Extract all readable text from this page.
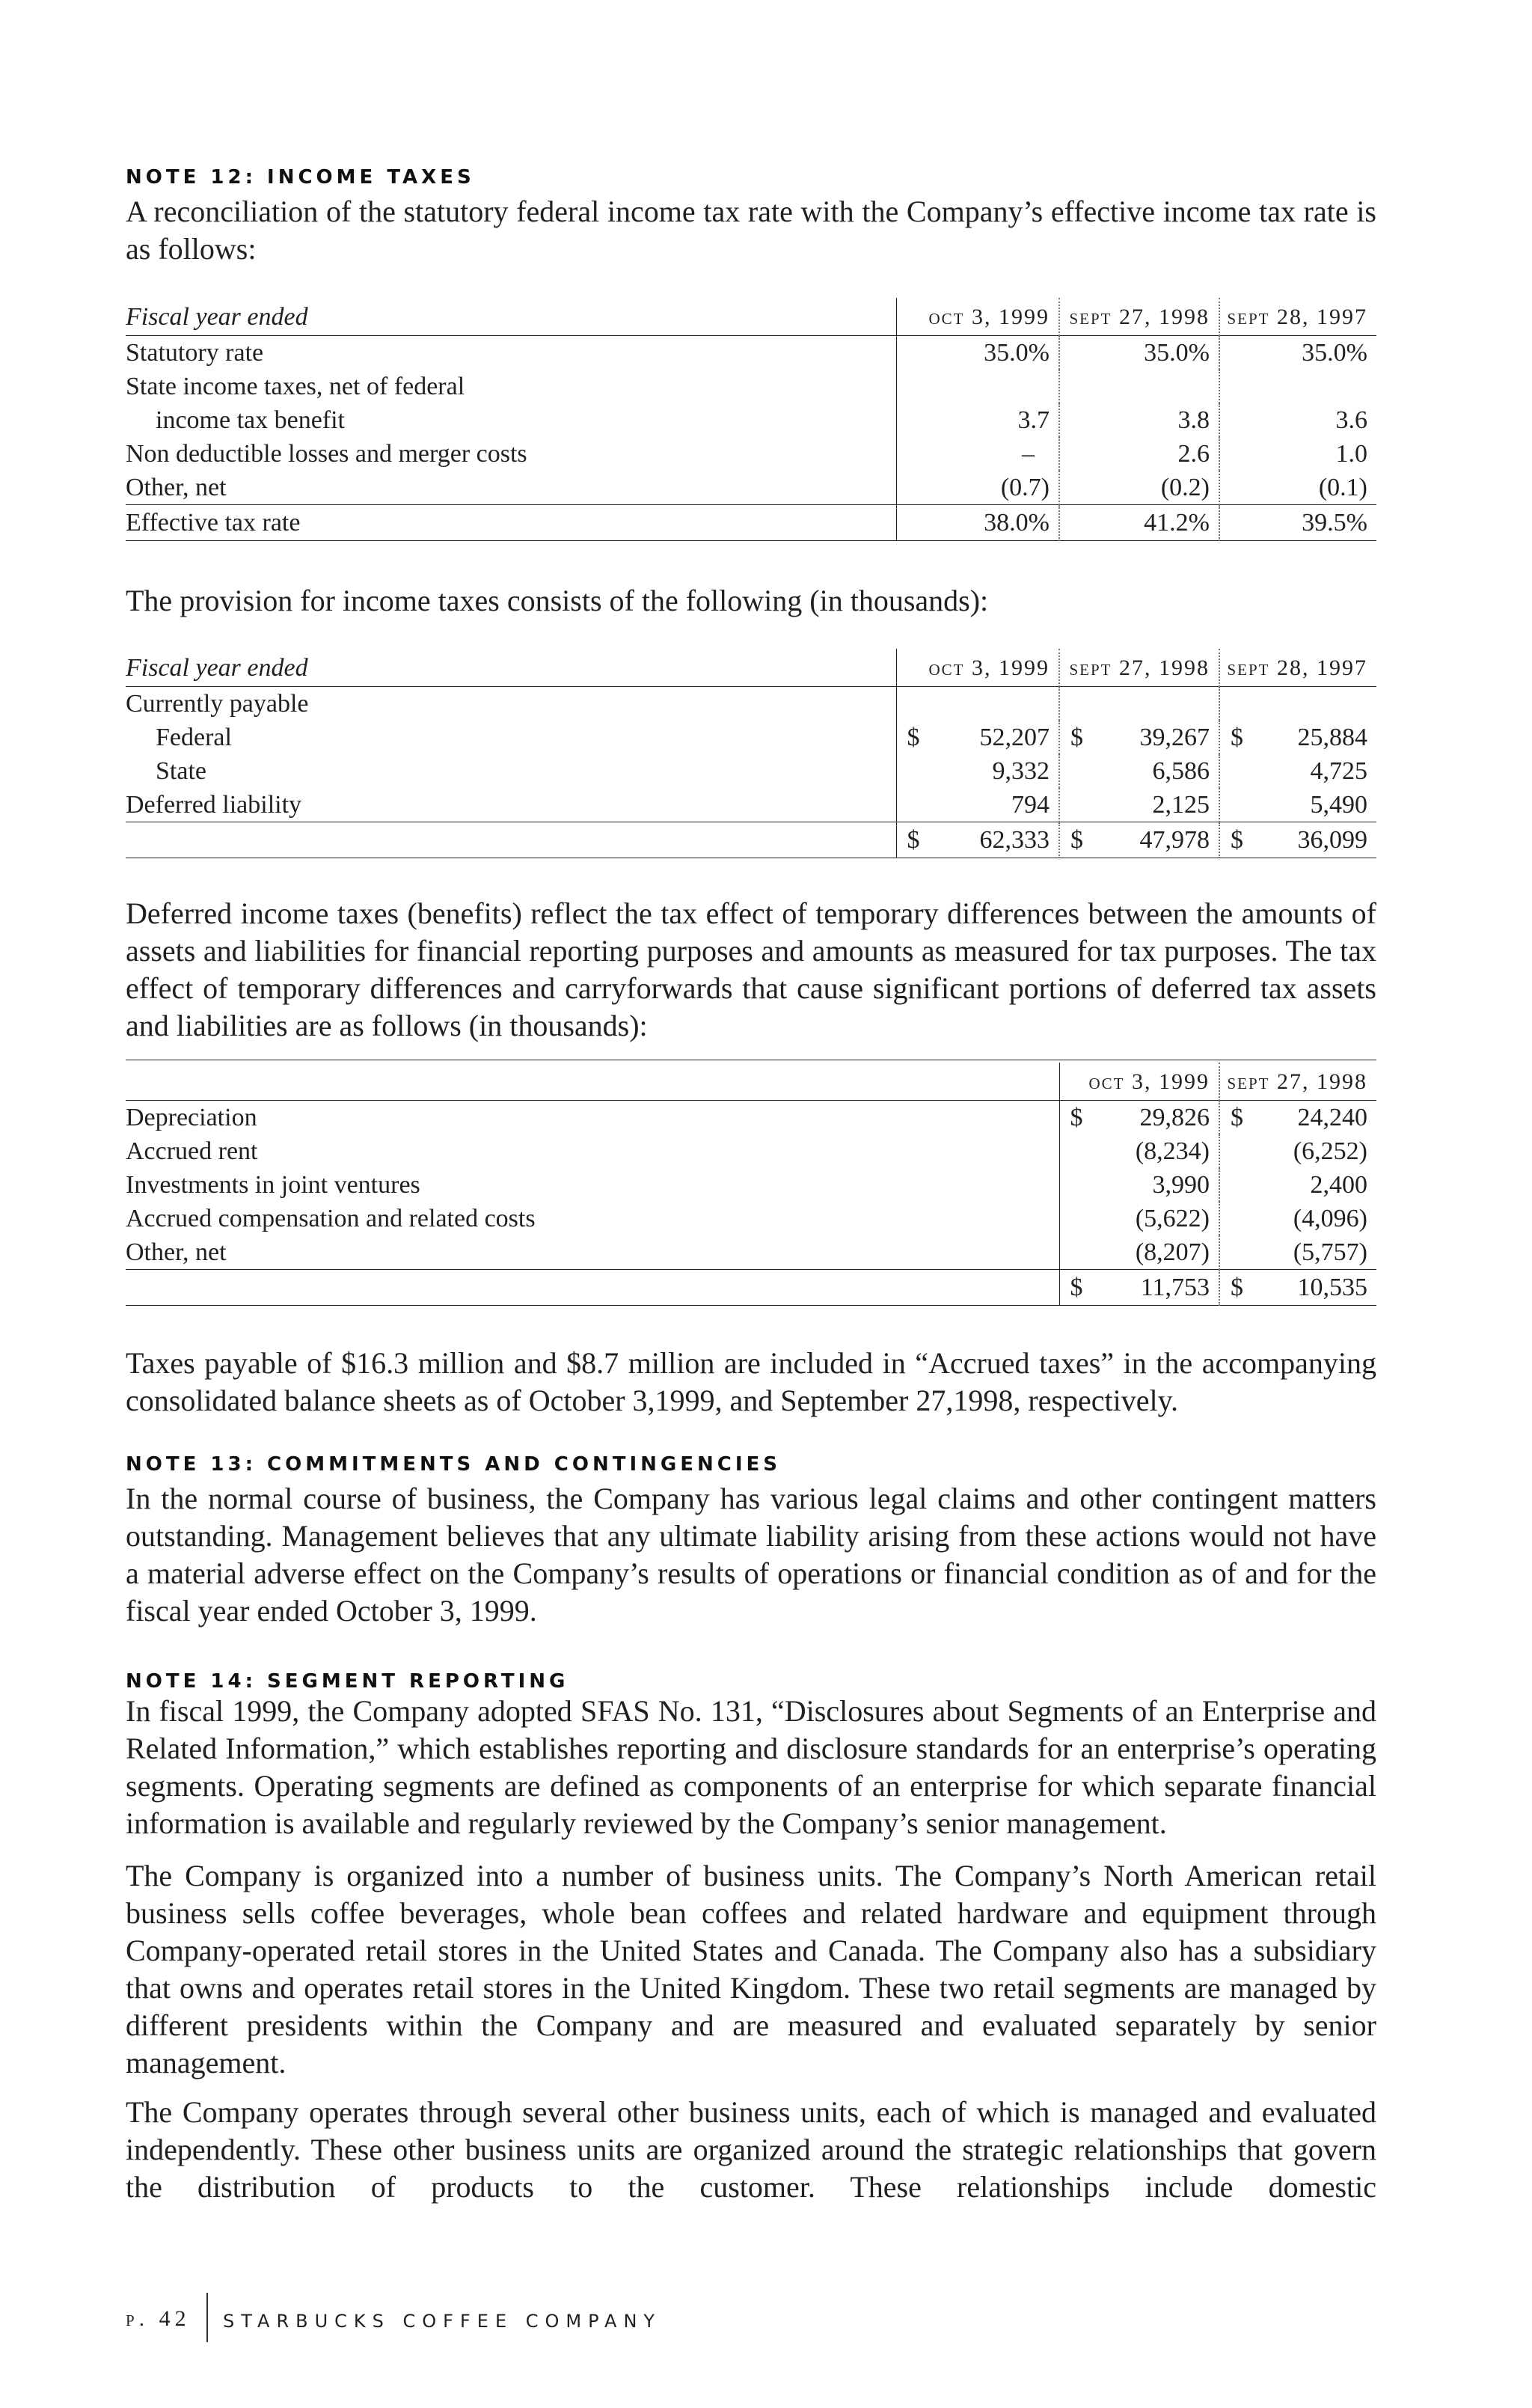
NOTE 12: INCOME TAXES

A reconciliation of the statutory federal income tax rate with the Company’s effective income tax rate is as follows:

Fiscal year ended	oct 3, 1999	sept 27, 1998	sept 28, 1997
Statutory rate	35.0%	35.0%	35.0%
State income taxes, net of federal			
income tax benefit	3.7	3.8	3.6
Non deductible losses and merger costs	–	2.6	1.0
Other, net	(0.7)	(0.2)	(0.1)
Effective tax rate	38.0%	41.2%	39.5%

The provision for income taxes consists of the following (in thousands):

Fiscal year ended	oct 3, 1999	sept 27, 1998	sept 28, 1997
Currently payable			
Federal	$ 52,207	$ 39,267	$ 25,884
State	9,332	6,586	4,725
Deferred liability	794	2,125	5,490

	$ 62,333	$ 47,978	$ 36,099

Deferred income taxes (benefits) reflect the tax effect of temporary differences between the amounts of assets and liabilities for financial reporting purposes and amounts as measured for tax purposes. The tax effect of temporary differences and carryforwards that cause significant portions of deferred tax assets and liabilities are as follows (in thousands):

	oct 3, 1999	sept 27, 1998
Depreciation	$ 29,826	$ 24,240
Accrued rent	(8,234)	(6,252)
Investments in joint ventures	3,990	2,400
Accrued compensation and related costs	(5,622)	(4,096)
Other, net	(8,207)	(5,757)

	$ 11,753	$ 10,535

Taxes payable of $16.3 million and $8.7 million are included in “Accrued taxes” in the accompanying consolidated balance sheets as of October 3,1999, and September 27,1998, respectively.

NOTE 13: COMMITMENTS AND CONTINGENCIES

In the normal course of business, the Company has various legal claims and other contingent matters outstanding. Management believes that any ultimate liability arising from these actions would not have a material adverse effect on the Company’s results of operations or financial condition as of and for the fiscal year ended October 3, 1999.

NOTE 14: SEGMENT REPORTING

In fiscal 1999, the Company adopted SFAS No. 131, “Disclosures about Segments of an Enterprise and Related Information,” which establishes reporting and disclosure standards for an enterprise’s operating segments. Operating segments are defined as components of an enterprise for which separate financial information is available and regularly reviewed by the Company’s senior management.

The Company is organized into a number of business units. The Company’s North American retail business sells coffee beverages, whole bean coffees and related hardware and equipment through Company-operated retail stores in the United States and Canada. The Company also has a subsidiary that owns and operates retail stores in the United Kingdom. These two retail segments are managed by different presidents within the Company and are measured and evaluated separately by senior management.

The Company operates through several other business units, each of which is managed and evaluated independently. These other business units are organized around the strategic relationships that govern the distribution of products to the customer. These relationships include domestic

p. 42 STARBUCKS COFFEE COMPANY
